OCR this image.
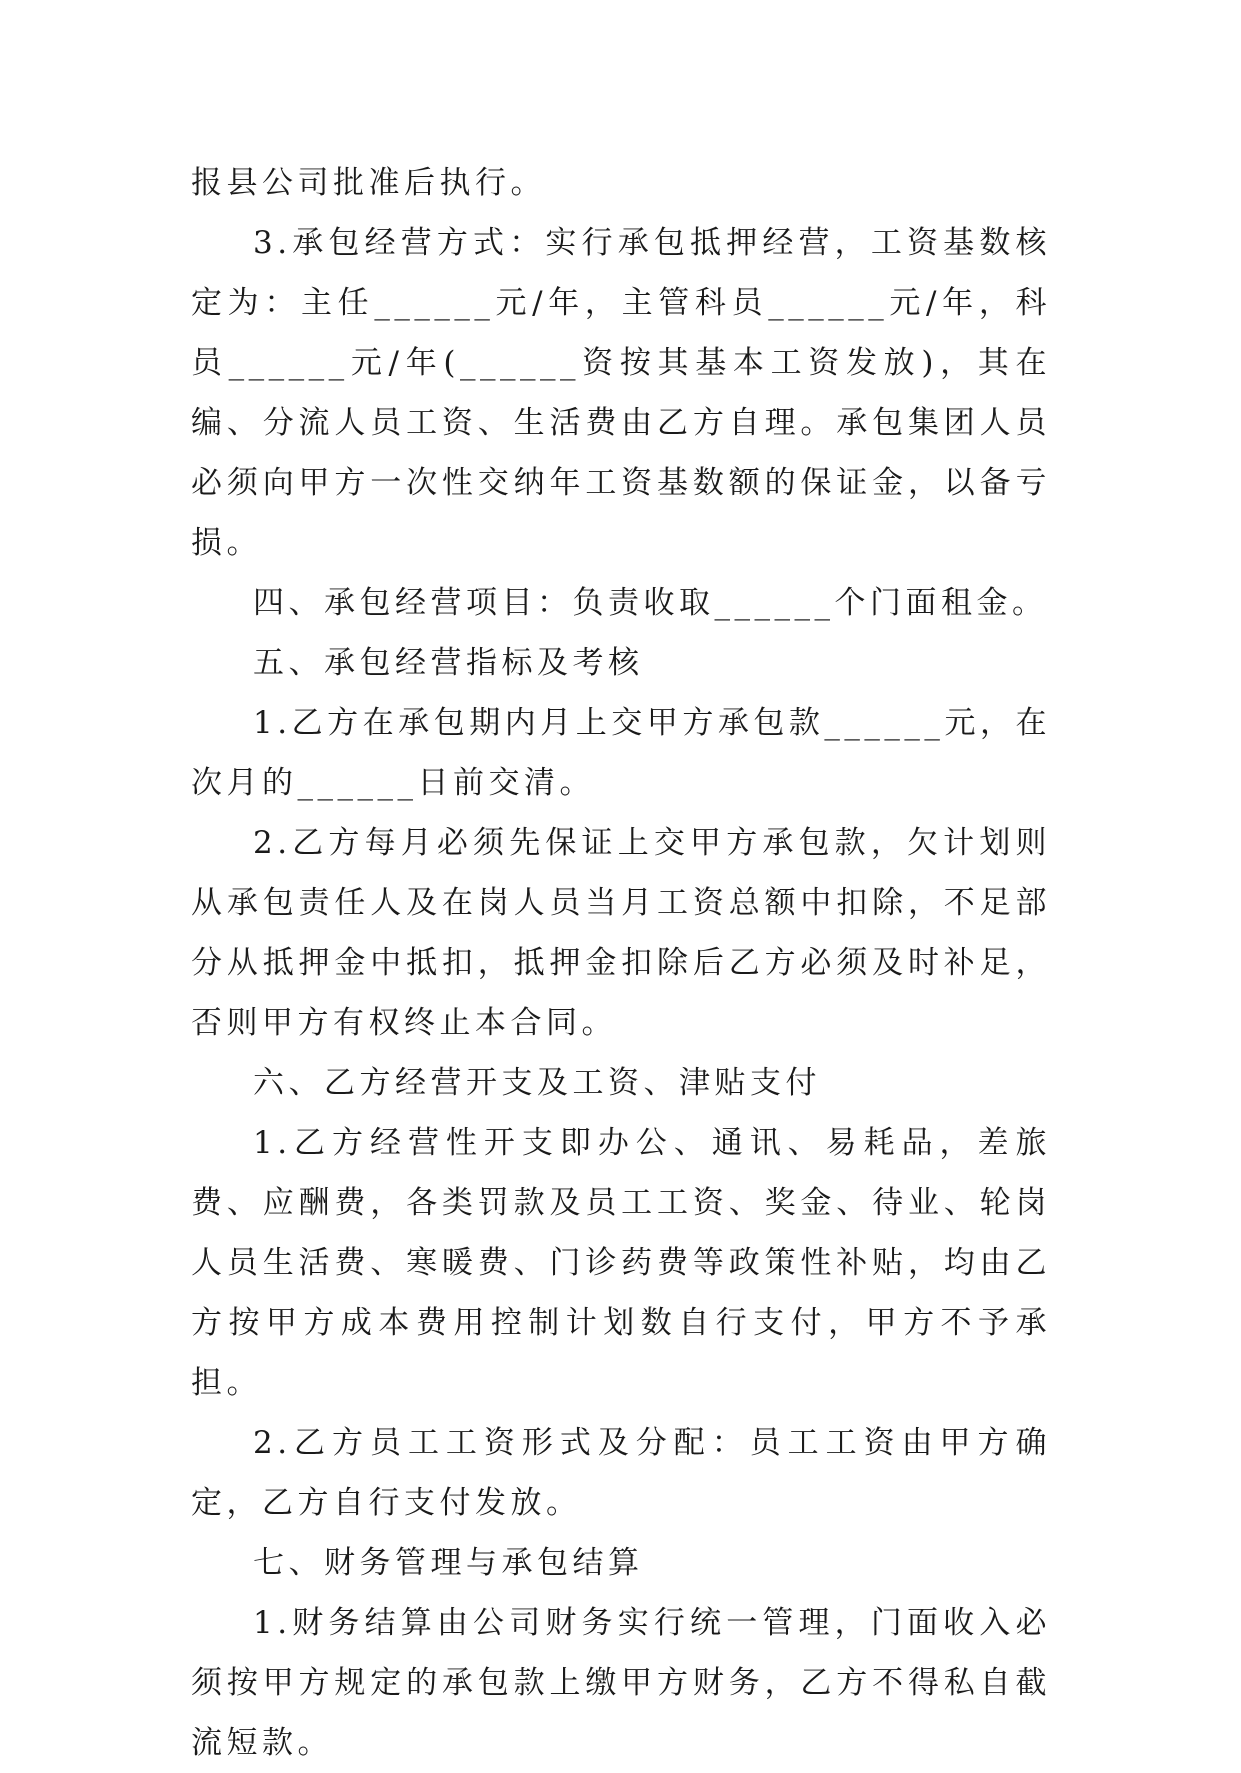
报县公司批准后执行。

3.承包经营方式：实行承包抵押经营，工资基数核定为：主任______元/年，主管科员______元/年，科员______元/年(______资按其基本工资发放)，其在编、分流人员工资、生活费由乙方自理。承包集团人员必须向甲方一次性交纳年工资基数额的保证金，以备亏损。

四、承包经营项目：负责收取______个门面租金。

五、承包经营指标及考核

1.乙方在承包期内月上交甲方承包款______元，在次月的______日前交清。

2.乙方每月必须先保证上交甲方承包款，欠计划则从承包责任人及在岗人员当月工资总额中扣除，不足部分从抵押金中抵扣，抵押金扣除后乙方必须及时补足，否则甲方有权终止本合同。

六、乙方经营开支及工资、津贴支付

1.乙方经营性开支即办公、通讯、易耗品，差旅费、应酬费，各类罚款及员工工资、奖金、待业、轮岗人员生活费、寒暖费、门诊药费等政策性补贴，均由乙方按甲方成本费用控制计划数自行支付，甲方不予承担。

2.乙方员工工资形式及分配：员工工资由甲方确定，乙方自行支付发放。

七、财务管理与承包结算

1.财务结算由公司财务实行统一管理，门面收入必须按甲方规定的承包款上缴甲方财务，乙方不得私自截流短款。
